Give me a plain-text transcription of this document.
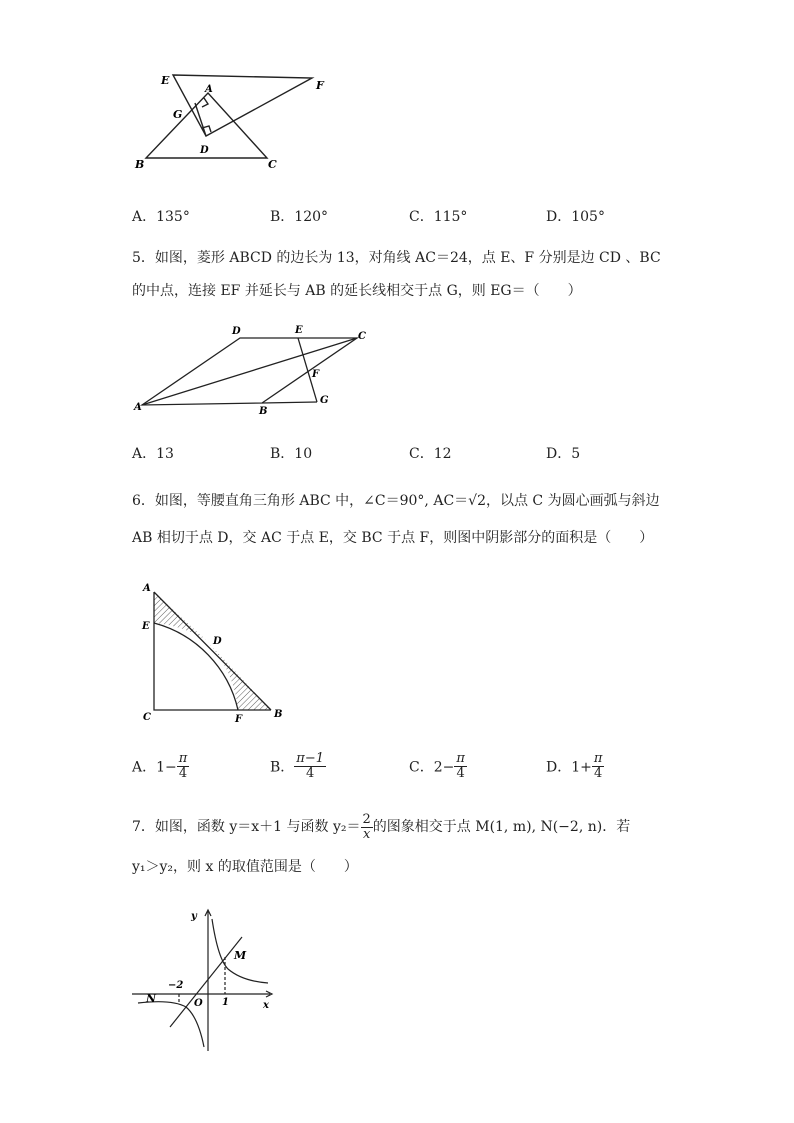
E	F
A
G
D
B	C
A．135°	B．120°	C．115°	D．105°
5．如图，菱形 ABCD 的边长为 13，对角线 AC＝24，点 E、F 分别是边 CD 、BC
的中点，连接 EF 并延长与 AB 的延长线相交于点 G，则 EG＝（　　）
D	E
C
F
A	B
G
A．13	B．10	C．12	D．5
6．如图，等腰直角三角形 ABC 中，∠C＝90°, AC＝√2，以点 C 为圆心画弧与斜边
AB 相切于点 D，交 AC 于点 E，交 BC 于点 F，则图中阴影部分的面积是（　　）
A
E
D
C	F	B
A．$1- \frac{\pi}{4}$	B． $\frac{\pi-1}{4}$	C．$2- \frac{\pi}{4}$	D．$1+ \frac{\pi}{4}$
7．如图，函数 y＝x＋1 与函数 $y_2= \frac{2}{x}$ 的图象相交于点 M(1, m), N(−2, n)．若
y₁＞y₂，则 x 的取值范围是（　　）
y
x
M
N	O
−2
1
